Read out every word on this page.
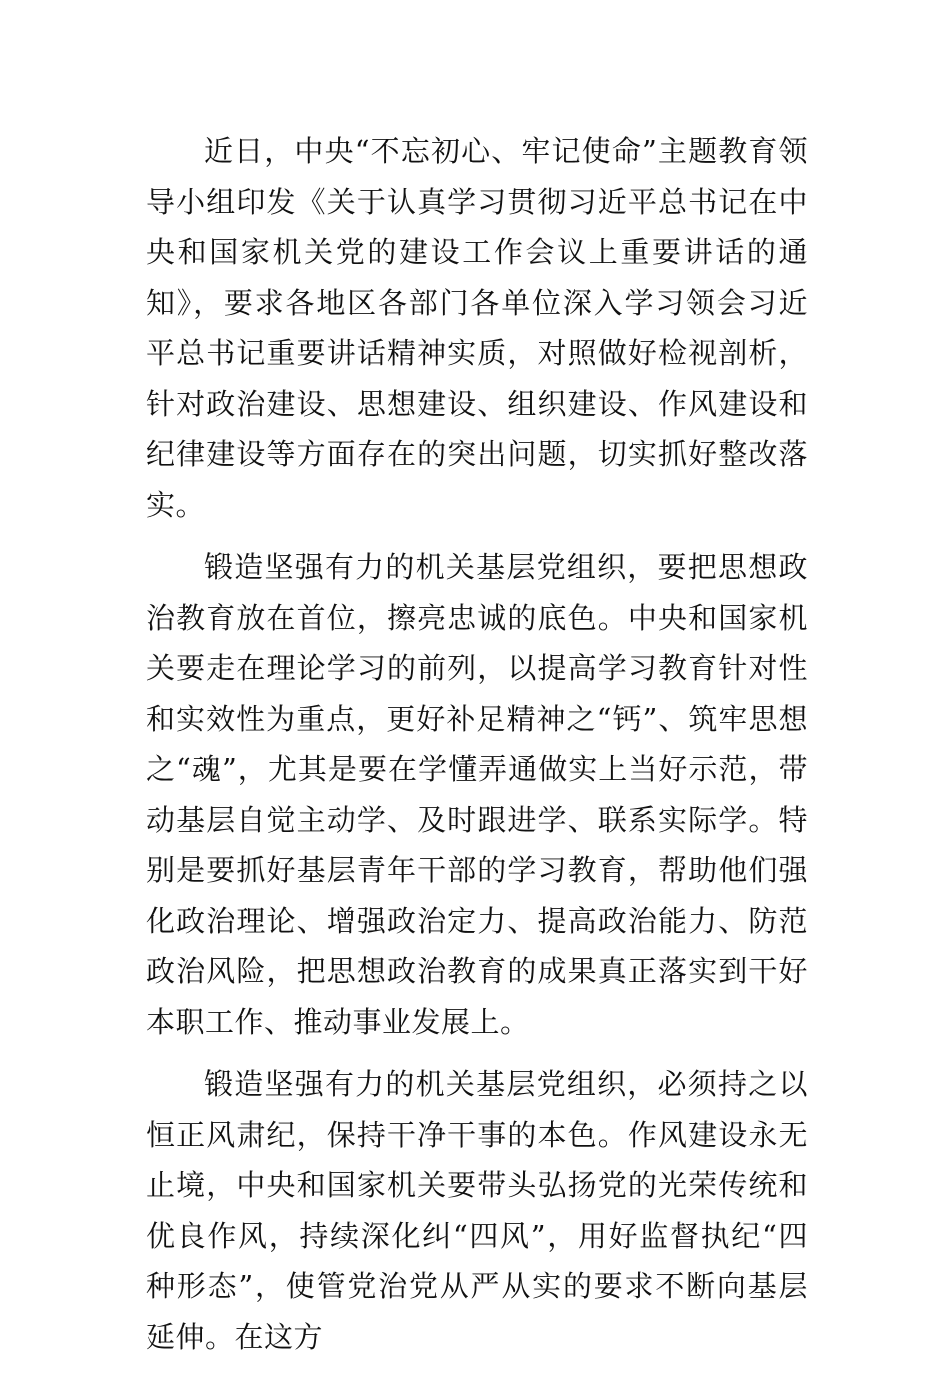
近日，中央“不忘初心、牢记使命”主题教育领导小组印发《关于认真学习贯彻习近平总书记在中央和国家机关党的建设工作会议上重要讲话的通知》，要求各地区各部门各单位深入学习领会习近平总书记重要讲话精神实质，对照做好检视剖析，针对政治建设、思想建设、组织建设、作风建设和纪律建设等方面存在的突出问题，切实抓好整改落实。

锻造坚强有力的机关基层党组织，要把思想政治教育放在首位，擦亮忠诚的底色。中央和国家机关要走在理论学习的前列，以提高学习教育针对性和实效性为重点，更好补足精神之“钙”、筑牢思想之“魂”，尤其是要在学懂弄通做实上当好示范，带动基层自觉主动学、及时跟进学、联系实际学。特别是要抓好基层青年干部的学习教育，帮助他们强化政治理论、增强政治定力、提高政治能力、防范政治风险，把思想政治教育的成果真正落实到干好本职工作、推动事业发展上。

锻造坚强有力的机关基层党组织，必须持之以恒正风肃纪，保持干净干事的本色。作风建设永无止境，中央和国家机关要带头弘扬党的光荣传统和优良作风，持续深化纠“四风”，用好监督执纪“四种形态”，使管党治党从严从实的要求不断向基层延伸。在这方
